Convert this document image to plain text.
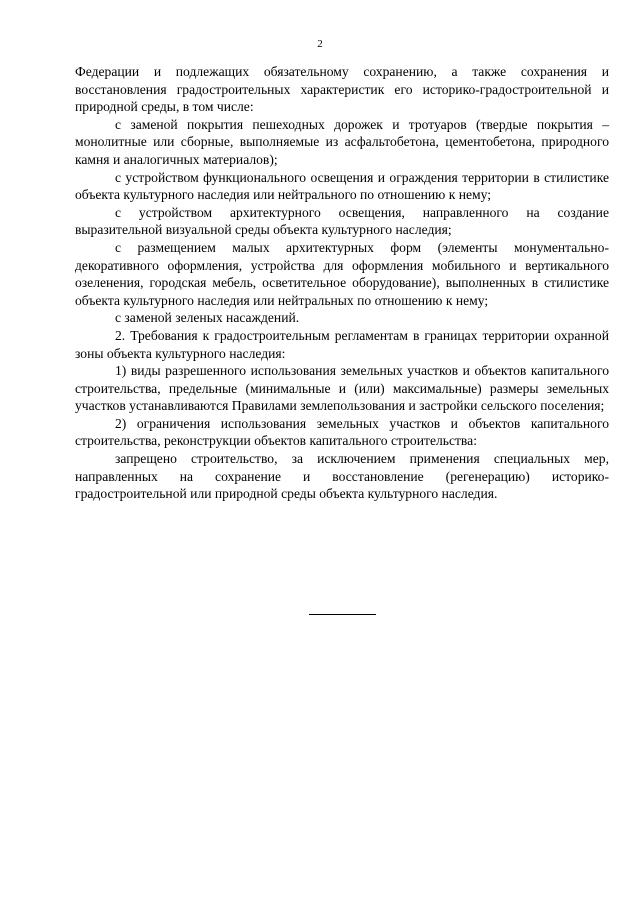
2

Федерации и подлежащих обязательному сохранению, а также сохранения и восстановления градостроительных характеристик его историко-градостроительной и природной среды, в том числе:

с заменой покрытия пешеходных дорожек и тротуаров (твердые покрытия – монолитные или сборные, выполняемые из асфальтобетона, цементобетона, природного камня и аналогичных материалов);

с устройством функционального освещения и ограждения территории в стилистике объекта культурного наследия или нейтрального по отношению к нему;

с устройством архитектурного освещения, направленного на создание выразительной визуальной среды объекта культурного наследия;

с размещением малых архитектурных форм (элементы монументально-декоративного оформления, устройства для оформления мобильного и вертикального озеленения, городская мебель, осветительное оборудование), выполненных в стилистике объекта культурного наследия или нейтральных по отношению к нему;

с заменой зеленых насаждений.

2. Требования к градостроительным регламентам в границах территории охранной зоны объекта культурного наследия:

1) виды разрешенного использования земельных участков и объектов капитального строительства, предельные (минимальные и (или) максимальные) размеры земельных участков устанавливаются Правилами землепользования и застройки сельского поселения;

2) ограничения использования земельных участков и объектов капитального строительства, реконструкции объектов капитального строительства:

запрещено строительство, за исключением применения специальных мер, направленных на сохранение и восстановление (регенерацию) историко-градостроительной или природной среды объекта культурного наследия.
